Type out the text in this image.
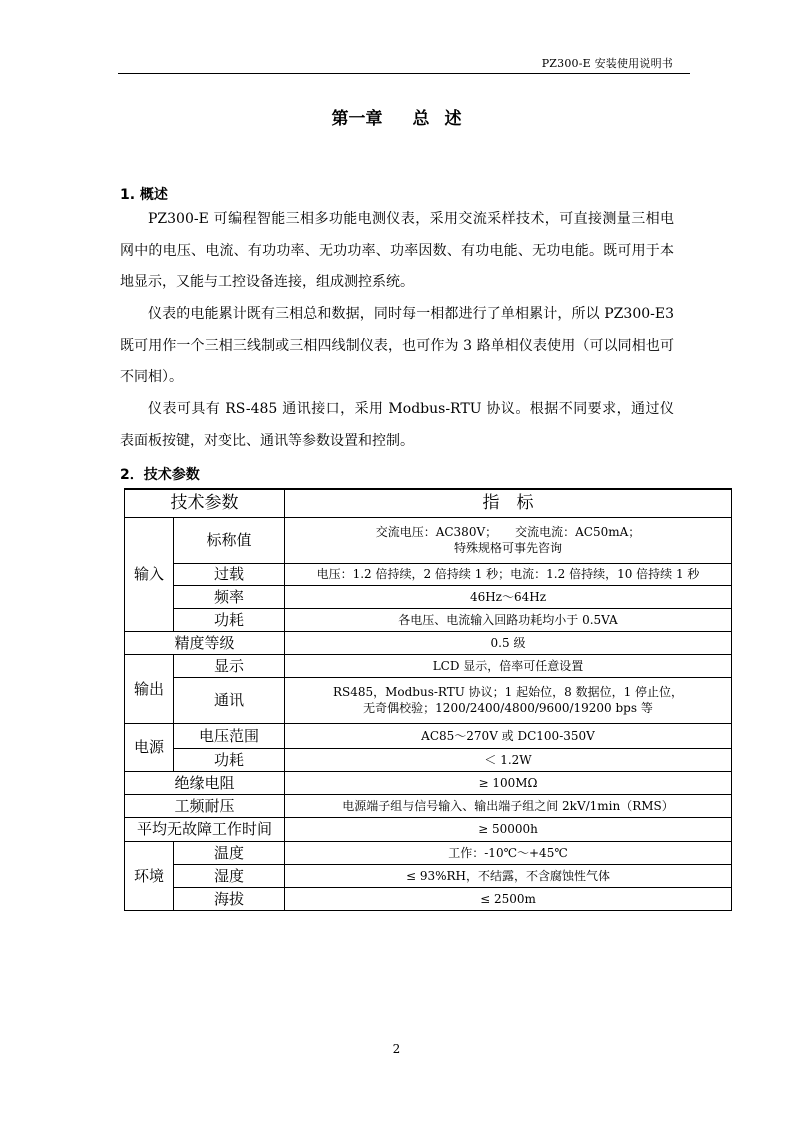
PZ300-E 安装使用说明书
第一章 总 述
1. 概述

PZ300-E 可编程智能三相多功能电测仪表，采用交流采样技术，可直接测量三相电网中的电压、电流、有功功率、无功功率、功率因数、有功电能、无功电能。既可用于本地显示，又能与工控设备连接，组成测控系统。

仪表的电能累计既有三相总和数据，同时每一相都进行了单相累计，所以 PZ300-E3 既可用作一个三相三线制或三相四线制仪表，也可作为 3 路单相仪表使用（可以同相也可不同相）。

仪表可具有 RS-485 通讯接口，采用 Modbus-RTU 协议。根据不同要求，通过仪表面板按键，对变比、通讯等参数设置和控制。

2．技术参数
技术参数		指　标
输入	标称值	交流电压：AC380V；　　交流电流：AC50mA；
特殊规格可事先咨询

	过载	电压：1.2 倍持续，2 倍持续 1 秒；电流：1.2 倍持续，10 倍持续 1 秒
	频率	46Hz～64Hz
	功耗	各电压、电流输入回路功耗均小于 0.5VA
精度等级		0.5 级
输出	显示	LCD 显示，倍率可任意设置
	通讯	RS485，Modbus-RTU 协议；1 起始位，8 数据位，1 停止位，
无奇偶校验；1200/2400/4800/9600/19200 bps 等

电源	电压范围	AC85～270V 或 DC100-350V
	功耗	＜ 1.2W
绝缘电阻		≥ 100MΩ
工频耐压		电源端子组与信号输入、输出端子组之间 2kV/1min（RMS）
平均无故障工作时间		≥ 50000h
环境	温度	工作：-10℃～+45℃
	湿度	≤ 93%RH，不结露，不含腐蚀性气体
	海拔	≤ 2500m
2
